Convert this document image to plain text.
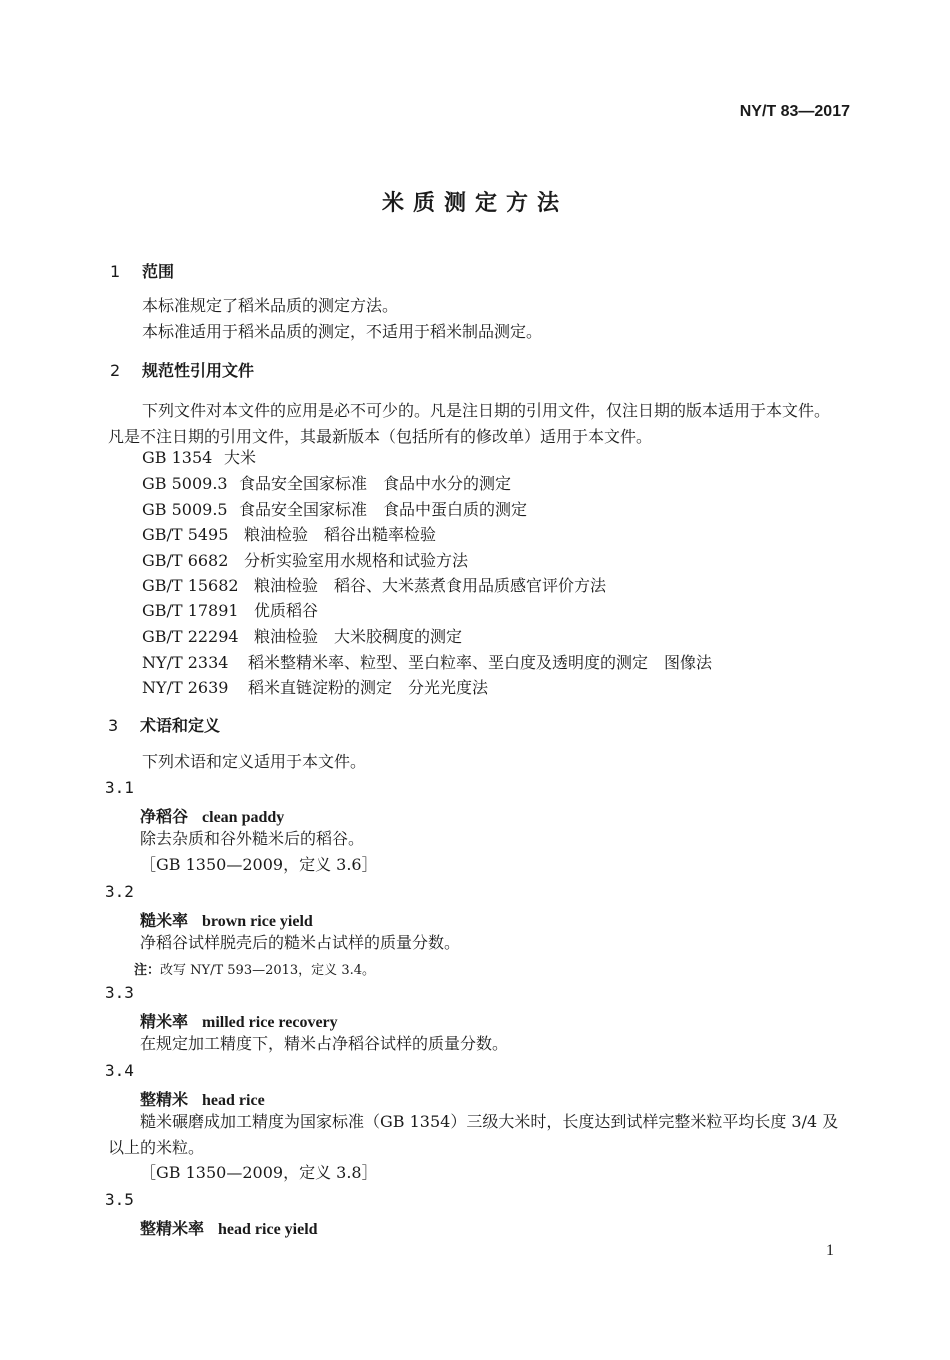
NY/T 83—2017
米质测定方法
1 范围
本标准规定了稻米品质的测定方法。
本标准适用于稻米品质的测定，不适用于稻米制品测定。
2 规范性引用文件
下列文件对本文件的应用是必不可少的。凡是注日期的引用文件，仅注日期的版本适用于本文件。
凡是不注日期的引用文件，其最新版本（包括所有的修改单）适用于本文件。
GB 1354 大米
GB 5009.3 食品安全国家标准　食品中水分的测定
GB 5009.5 食品安全国家标准　食品中蛋白质的测定
GB/T 5495 粮油检验　稻谷出糙率检验
GB/T 6682 分析实验室用水规格和试验方法
GB/T 15682 粮油检验　稻谷、大米蒸煮食用品质感官评价方法
GB/T 17891 优质稻谷
GB/T 22294 粮油检验　大米胶稠度的测定
NY/T 2334 稻米整精米率、粒型、垩白粒率、垩白度及透明度的测定　图像法
NY/T 2639 稻米直链淀粉的测定　分光光度法
3 术语和定义
下列术语和定义适用于本文件。
3.1
净稻谷 clean paddy
除去杂质和谷外糙米后的稻谷。
［GB 1350—2009，定义 3.6］
3.2
糙米率 brown rice yield
净稻谷试样脱壳后的糙米占试样的质量分数。
注：改写 NY/T 593—2013，定义 3.4。
3.3
精米率 milled rice recovery
在规定加工精度下，精米占净稻谷试样的质量分数。
3.4
整精米 head rice
糙米碾磨成加工精度为国家标准（GB 1354）三级大米时，长度达到试样完整米粒平均长度 3/4 及以上的米粒。
［GB 1350—2009，定义 3.8］
3.5
整精米率 head rice yield
1
